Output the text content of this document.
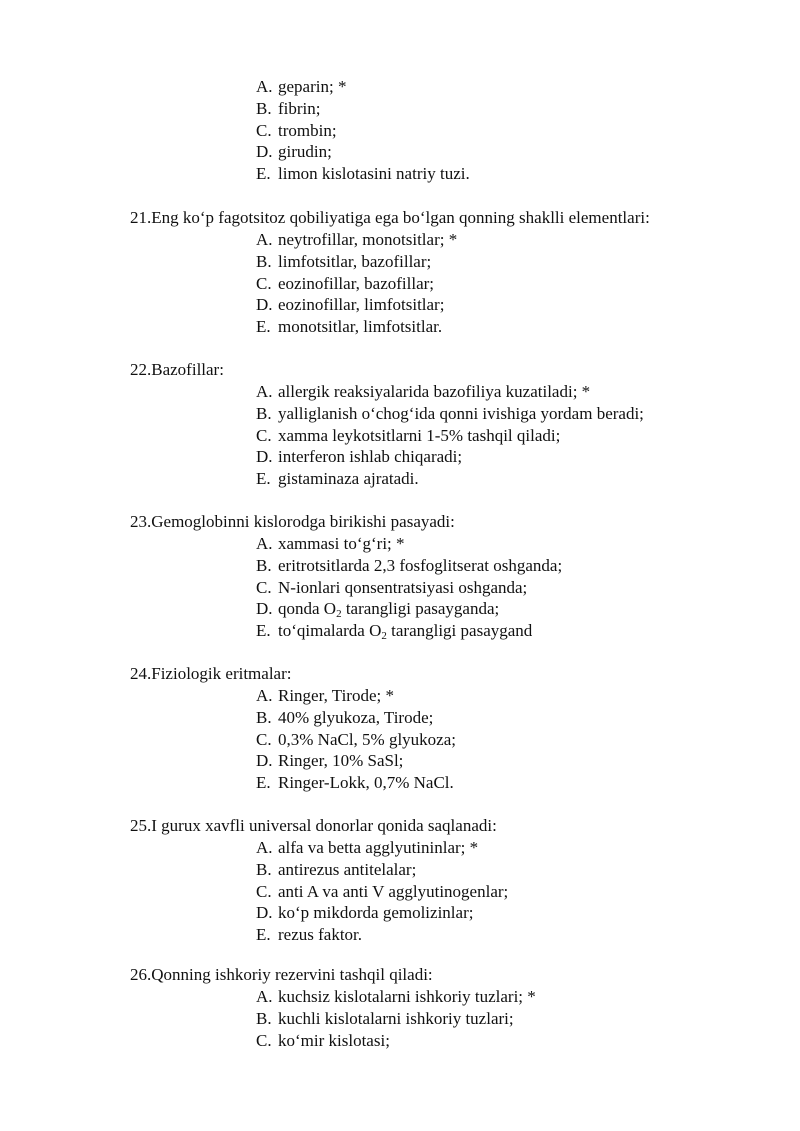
A. geparin; *
B. fibrin;
C. trombin;
D. girudin;
E. limon kislotasini natriy tuzi.
21.Eng koʻp fagotsitoz qobiliyatiga ega boʻlgan qonning shaklli elementlari:
A. neytrofillar, monotsitlar; *
B. limfotsitlar, bazofillar;
C. eozinofillar, bazofillar;
D. eozinofillar, limfotsitlar;
E. monotsitlar, limfotsitlar.
22.Bazofillar:
A. allergik reaksiyalarida bazofiliya kuzatiladi; *
B. yalliglanish oʻchogʻida qonni ivishiga yordam beradi;
C. xamma leykotsitlarni 1-5% tashqil qiladi;
D. interferon ishlab chiqaradi;
E. gistaminaza ajratadi.
23.Gemoglobinni kislorodga birikishi pasayadi:
A. xammasi toʻgʻri; *
B. eritrotsitlarda 2,3 fosfoglitserat oshganda;
C. N-ionlari qonsentratsiyasi oshganda;
D. qonda $O_2$ tarangligi pasayganda;
E. toʻqimalarda $O_2$ tarangligi pasaygand
24.Fiziologik eritmalar:
A. Ringer, Tirode; *
B. 40% glyukoza, Tirode;
C. 0,3% NaCl, 5% glyukoza;
D. Ringer, 10% SaSl;
E. Ringer-Lokk, 0,7% NaCl.
25.I gurux xavfli universal donorlar qonida saqlanadi:
A. alfa va betta agglyutininlar; *
B. antirezus antitelalar;
C. anti A va anti V agglyutinogenlar;
D. koʻp mikdorda gemolizinlar;
E. rezus faktor.
26.Qonning ishkoriy rezervini tashqil qiladi:
A. kuchsiz kislotalarni ishkoriy tuzlari; *
B. kuchli kislotalarni ishkoriy tuzlari;
C. koʻmir kislotasi;
